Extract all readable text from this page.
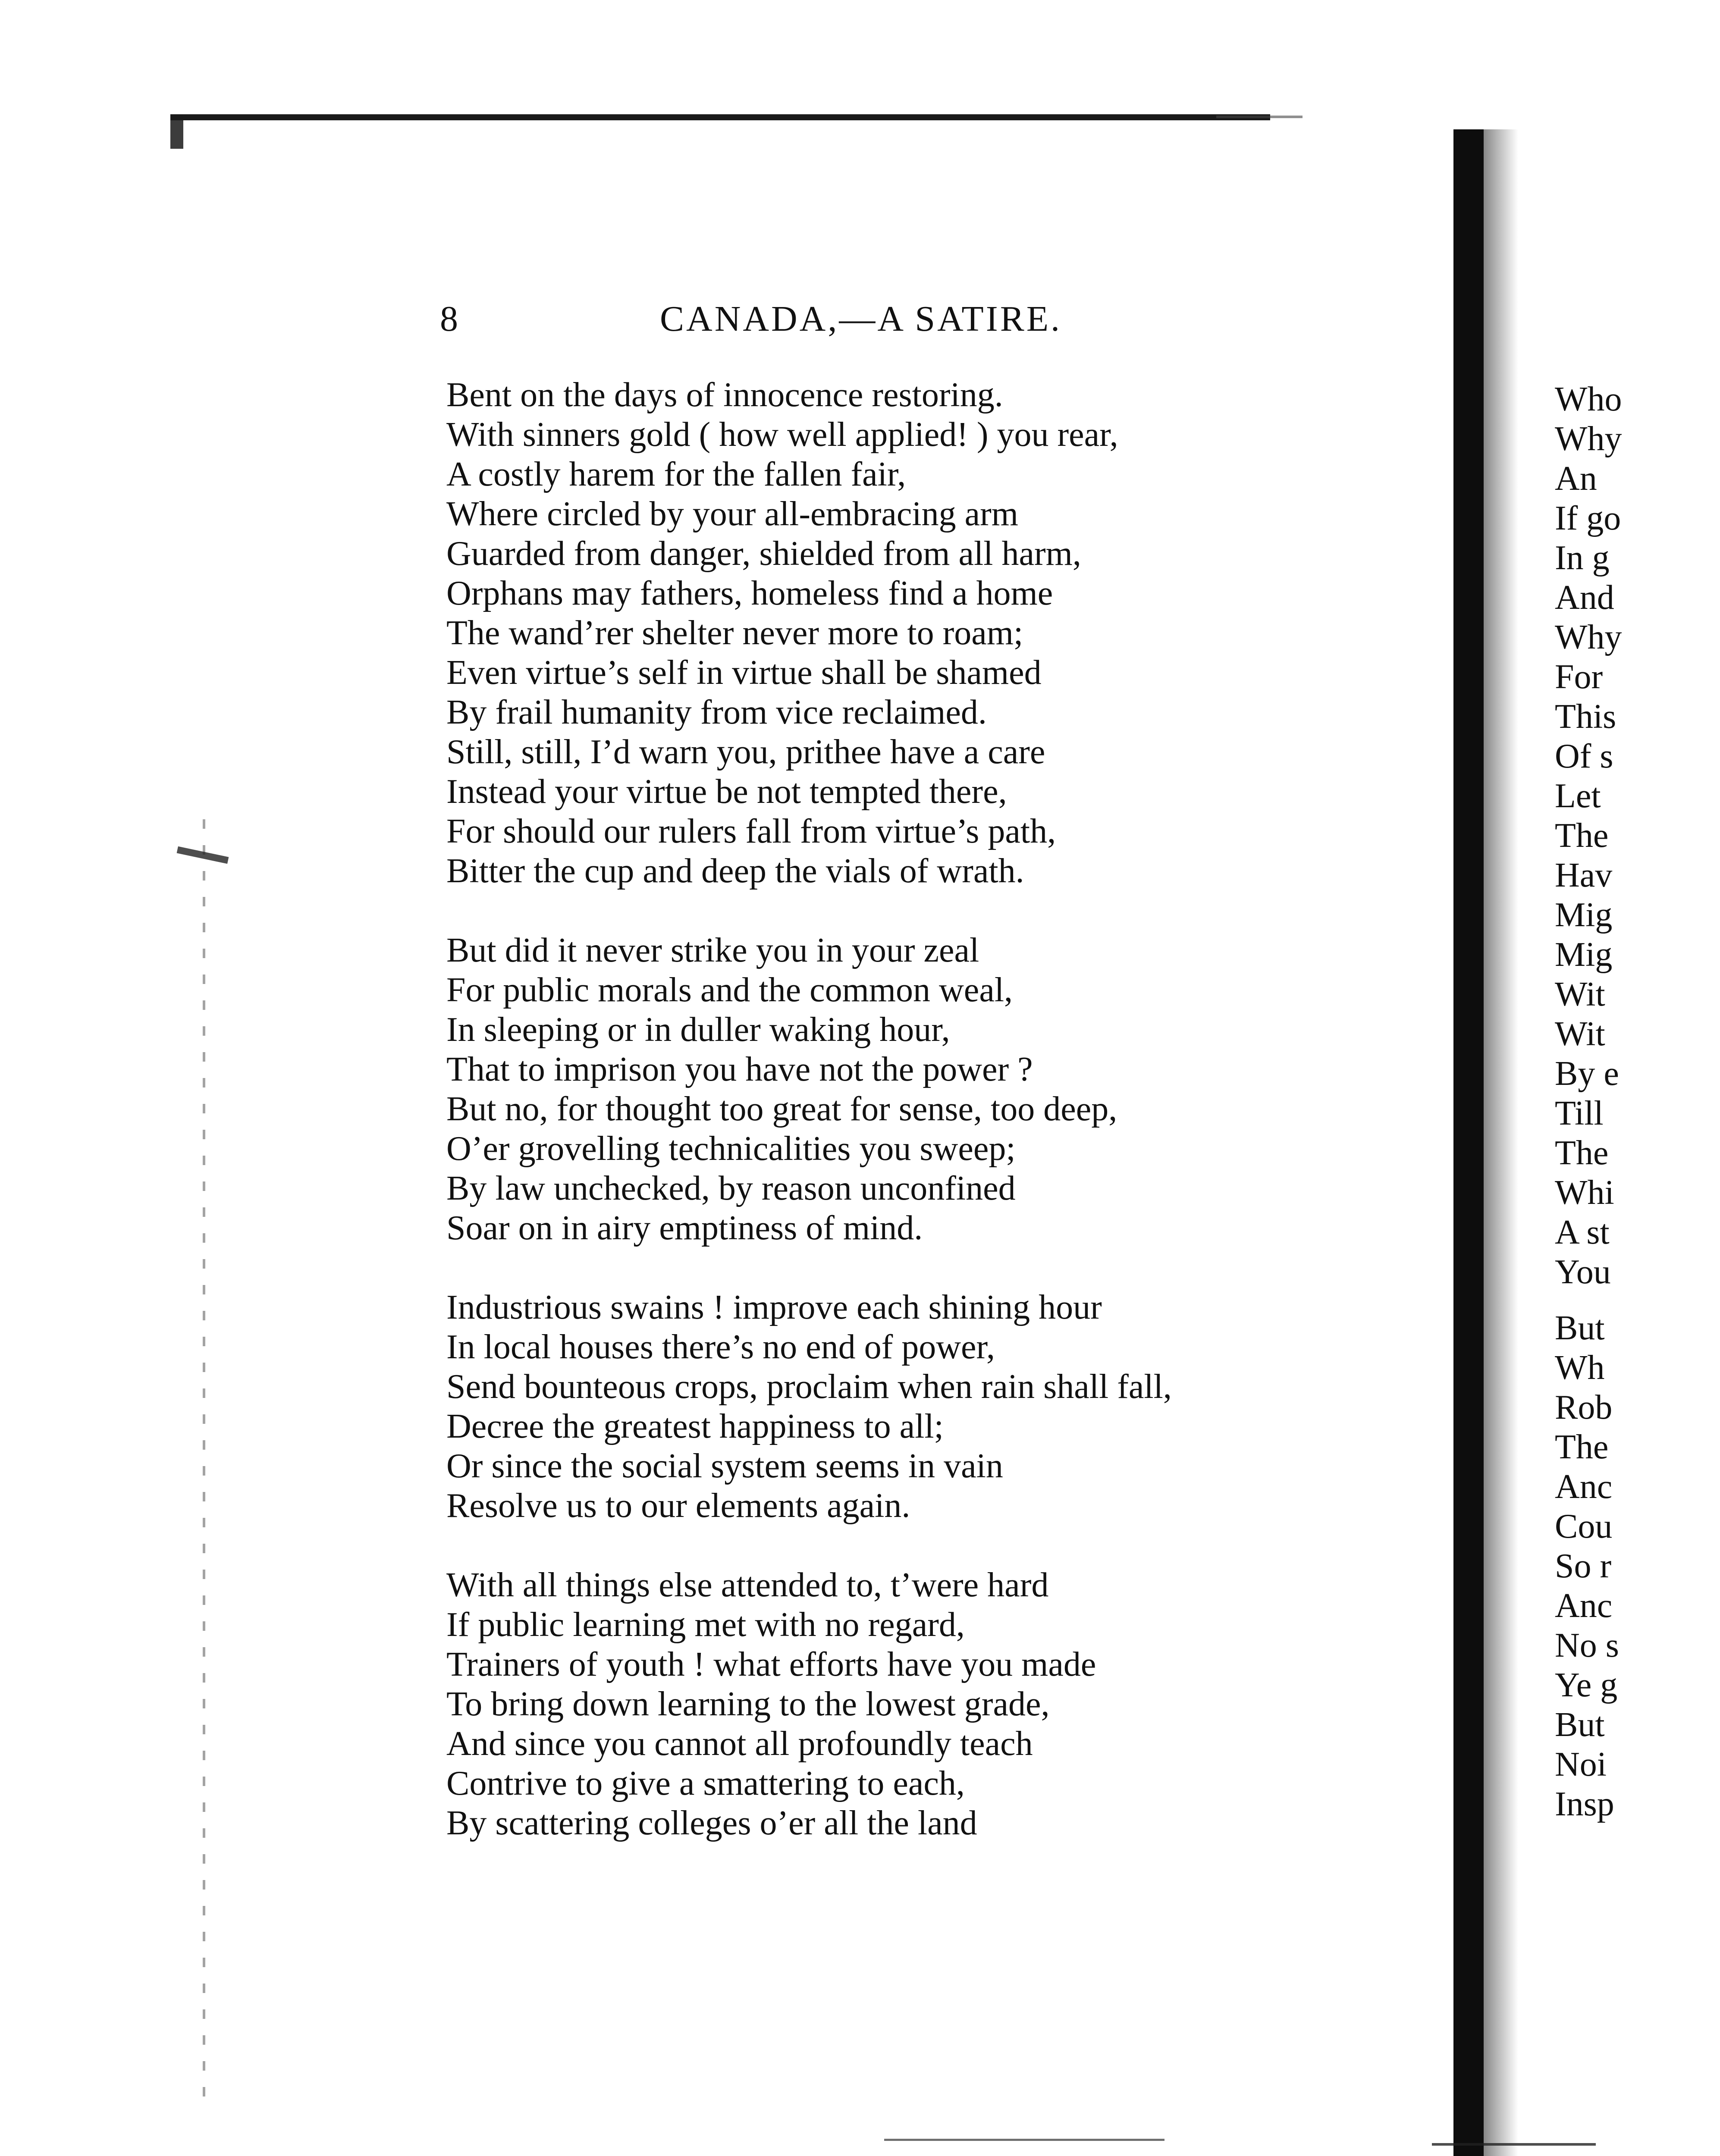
8	CANADA,—A SATIRE.
Bent on the days of innocence restoring.
With sinners gold ( how well applied! ) you rear,
A costly harem for the fallen fair,
Where circled by your all-embracing arm
Guarded from danger, shielded from all harm,
Orphans may fathers, homeless find a home
The wand’rer shelter never more to roam;
Even virtue’s self in virtue shall be shamed
By frail humanity from vice reclaimed.
Still, still, I’d warn you, prithee have a care
Instead your virtue be not tempted there,
For should our rulers fall from virtue’s path,
Bitter the cup and deep the vials of wrath.
But did it never strike you in your zeal
For public morals and the common weal,
In sleeping or in duller waking hour,
That to imprison you have not the power ?
But no, for thought too great for sense, too deep,
O’er grovelling technicalities you sweep;
By law unchecked, by reason unconfined
Soar on in airy emptiness of mind.
Industrious swains ! improve each shining hour
In local houses there’s no end of power,
Send bounteous crops, proclaim when rain shall fall,
Decree the greatest happiness to all;
Or since the social system seems in vain
Resolve us to our elements again.
With all things else attended to, t’were hard
If public learning met with no regard,
Trainers of youth ! what efforts have you made
To bring down learning to the lowest grade,
And since you cannot all profoundly teach
Contrive to give a smattering to each,
By scattering colleges o’er all the land
Who
Why
An
If go
In g
And
Why
For
This
Of s
Let
The
Hav
Mig
Mig
Wit
Wit
By e
Till
The
Whi
A st
You
But
Wh
Rob
The
Anc
Cou
So r
Anc
No s
Ye g
But
Noi
Insp
